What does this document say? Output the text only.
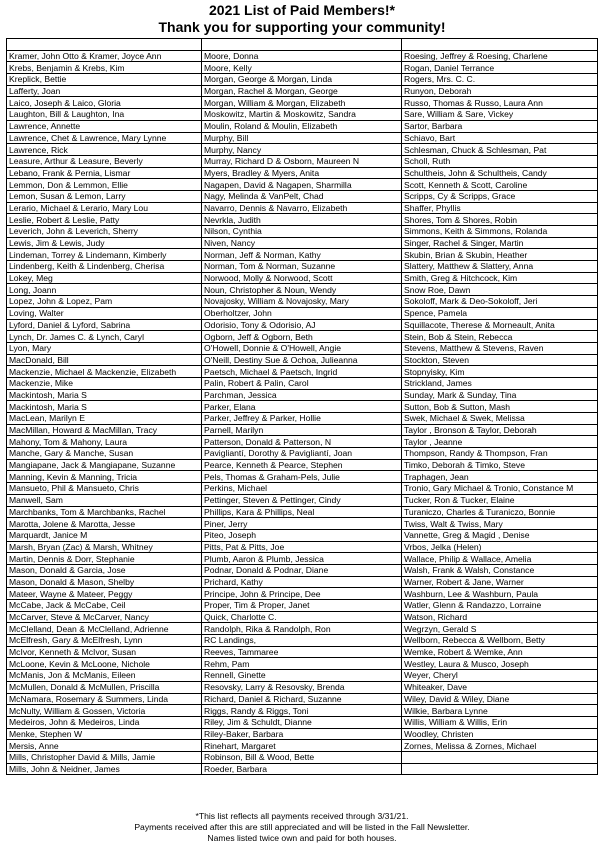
2021 List of Paid Members!*
Thank you for supporting your community!

Kramer, John Otto & Kramer, Joyce Ann	Moore, Donna	Roesing, Jeffrey & Roesing, Charlene
Krebs, Benjamin & Krebs, Kim	Moore, Kelly	Rogan, Daniel Terrance
Kreplick, Bettie	Morgan, George & Morgan, Linda	Rogers, Mrs. C. C.
Lafferty, Joan	Morgan, Rachel & Morgan, George	Runyon, Deborah
Laico, Joseph & Laico, Gloria	Morgan, William & Morgan, Elizabeth	Russo, Thomas & Russo, Laura Ann
Laughton, Bill & Laughton, Ina	Moskowitz, Martin & Moskowitz, Sandra	Sare, William & Sare, Vickey
Lawrence, Annette	Moulin, Roland & Moulin, Elizabeth	Sartor, Barbara
Lawrence, Chet & Lawrence, Mary Lynne	Murphy, Bill	Schiavo, Bart
Lawrence, Rick	Murphy, Nancy	Schlesman, Chuck & Schlesman, Pat
Leasure, Arthur & Leasure, Beverly	Murray, Richard D & Osborn, Maureen N	Scholl, Ruth
Lebano, Frank & Pernia, Lismar	Myers, Bradley & Myers, Anita	Schultheis, John & Schultheis, Candy
Lemmon, Don & Lemmon, Ellie	Nagapen, David & Nagapen, Sharmilla	Scott, Kenneth & Scott, Caroline
Lemon, Susan & Lemon, Larry	Nagy, Melinda & VanPelt, Chad	Scripps, Cy & Scripps, Grace
Lerario, Michael & Lerario, Mary Lou	Navarro, Dennis & Navarro, Elizabeth	Shaffer, Phyllis
Leslie, Robert & Leslie, Patty	Nevrkla, Judith	Shores, Tom & Shores, Robin
Leverich, John & Leverich, Sherry	Nilson, Cynthia	Simmons, Keith & Simmons, Rolanda
Lewis, Jim & Lewis, Judy	Niven, Nancy	Singer, Rachel & Singer, Martin
Lindeman, Torrey & Lindemann, Kimberly	Norman, Jeff & Norman, Kathy	Skubin, Brian & Skubin, Heather
Lindenberg, Keith & Lindenberg, Cherisa	Norman, Tom & Norman, Suzanne	Slattery, Matthew & Slattery, Anna
Lokey, Meg	Norwood, Molly & Norwood, Scott	Smith, Greg & Hitchcock, Kim
Long, Joann	Noun, Christopher & Noun, Wendy	Snow Roe, Dawn
Lopez, John & Lopez, Pam	Novajosky, William & Novajosky, Mary	Sokoloff, Mark & Deo-Sokoloff, Jeri
Loving, Walter	Oberholtzer, John	Spence, Pamela
Lyford, Daniel & Lyford, Sabrina	Odorisio, Tony & Odorisio, AJ	Squillacote, Therese & Morneault, Anita
Lynch, Dr. James C. & Lynch, Caryl	Ogborn, Jeff & Ogborn, Beth	Stein, Bob & Stein, Rebecca
Lyon, Mary	O'Howell, Donnie & O'Howell, Angie	Stevens, Matthew & Stevens, Raven
MacDonald, Bill	O'Neill, Destiny Sue & Ochoa, Julieanna	Stockton, Steven
Mackenzie, Michael & Mackenzie, Elizabeth	Paetsch, Michael & Paetsch, Ingrid	Stopnyisky, Kim
Mackenzie, Mike	Palin, Robert & Palin, Carol	Strickland, James
Mackintosh, Maria S	Parchman, Jessica	Sunday, Mark & Sunday, Tina
Mackintosh, Maria S	Parker, Elana	Sutton, Bob & Sutton, Mash
MacLean, Marilyn E	Parker, Jeffrey & Parker, Hollie	Swek, Michael & Swek, Melissa
MacMillan, Howard & MacMillan, Tracy	Parnell, Marilyn	Taylor , Bronson & Taylor, Deborah
Mahony, Tom & Mahony, Laura	Patterson, Donald & Patterson, N	Taylor , Jeanne
Manche, Gary & Manche, Susan	Pavigliantí, Dorothy & Pavigliantí, Joan	Thompson, Randy & Thompson, Fran
Mangiapane, Jack & Mangiapane, Suzanne	Pearce, Kenneth & Pearce, Stephen	Timko, Deborah & Timko, Steve
Manning, Kevin & Manning, Tricia	Pels, Thomas & Graham-Pels, Julie	Traphagen, Jean
Mansueto, Phil & Mansueto, Chris	Perkins, Michael	Tronio, Gary Michael & Tronio, Constance M
Manwell, Sam	Pettinger, Steven & Pettinger, Cindy	Tucker, Ron & Tucker, Elaine
Marchbanks, Tom & Marchbanks, Rachel	Phillips, Kara & Phillips, Neal	Turaniczo, Charles & Turaniczo, Bonnie
Marotta, Jolene & Marotta, Jesse	Piner, Jerry	Twiss, Walt & Twiss, Mary
Marquardt, Janice M	Piteo, Joseph	Vannette, Greg & Magid , Denise
Marsh, Bryan (Zac) & Marsh, Whitney	Pitts, Pat & Pitts, Joe	Vrbos, Jelka (Helen)
Martin, Dennis & Dorr, Stephanie	Plumb, Aaron & Plumb, Jessica	Wallace, Philip & Wallace, Amelia
Mason, Donald & Garcia, Jose	Podnar, Donald & Podnar, Diane	Walsh, Frank & Walsh, Constance
Mason, Donald & Mason, Shelby	Prichard, Kathy	Warner, Robert & Jane, Warner
Mateer, Wayne & Mateer, Peggy	Principe, John & Principe, Dee	Washburn, Lee & Washburn, Paula
McCabe, Jack & McCabe, Ceil	Proper, Tim & Proper, Janet	Watler, Glenn & Randazzo, Lorraine
McCarver, Steve & McCarver, Nancy	Quick, Charlotte C.	Watson, Richard
McClelland, Dean & McClelland, Adrienne	Randolph, Rika & Randolph, Ron	Wegrzyn, Gerald S
McElfresh, Gary & McElfresh, Lynn	RC Landings,	Wellborn, Rebecca & Wellborn, Betty
McIvor, Kenneth & McIvor, Susan	Reeves, Tammaree	Wemke, Robert & Wemke, Ann
McLoone, Kevin & McLoone, Nichole	Rehm, Pam	Westley, Laura & Musco, Joseph
McManis, Jon & McManis, Eileen	Rennell, Ginette	Weyer, Cheryl
McMullen, Donald & McMullen, Priscilla	Resovsky, Larry & Resovsky, Brenda	Whiteaker, Dave
McNamara, Rosemary & Summers, Linda	Richard, Daniel & Richard, Suzanne	Wiley, David & Wiley, Diane
McNulty, William & Gossen, Victoria	Riggs, Randy & Riggs, Toni	Wilkie, Barbara Lynne
Medeiros, John & Medeiros, Linda	Riley, Jim & Schuldt, Dianne	Willis, William & Willis, Erin
Menke, Stephen W	Riley-Baker, Barbara	Woodley, Christen
Mersis, Anne	Rinehart, Margaret	Zornes, Melissa & Zornes, Michael
Mills, Christopher David & Mills, Jamie	Robinson, Bill & Wood, Bette	
Mills, John & Neidner, James	Roeder, Barbara	
*This list reflects all payments received through 3/31/21.
Payments received after this are still appreciated and will be listed in the Fall Newsletter.
Names listed twice own and paid for both houses.
